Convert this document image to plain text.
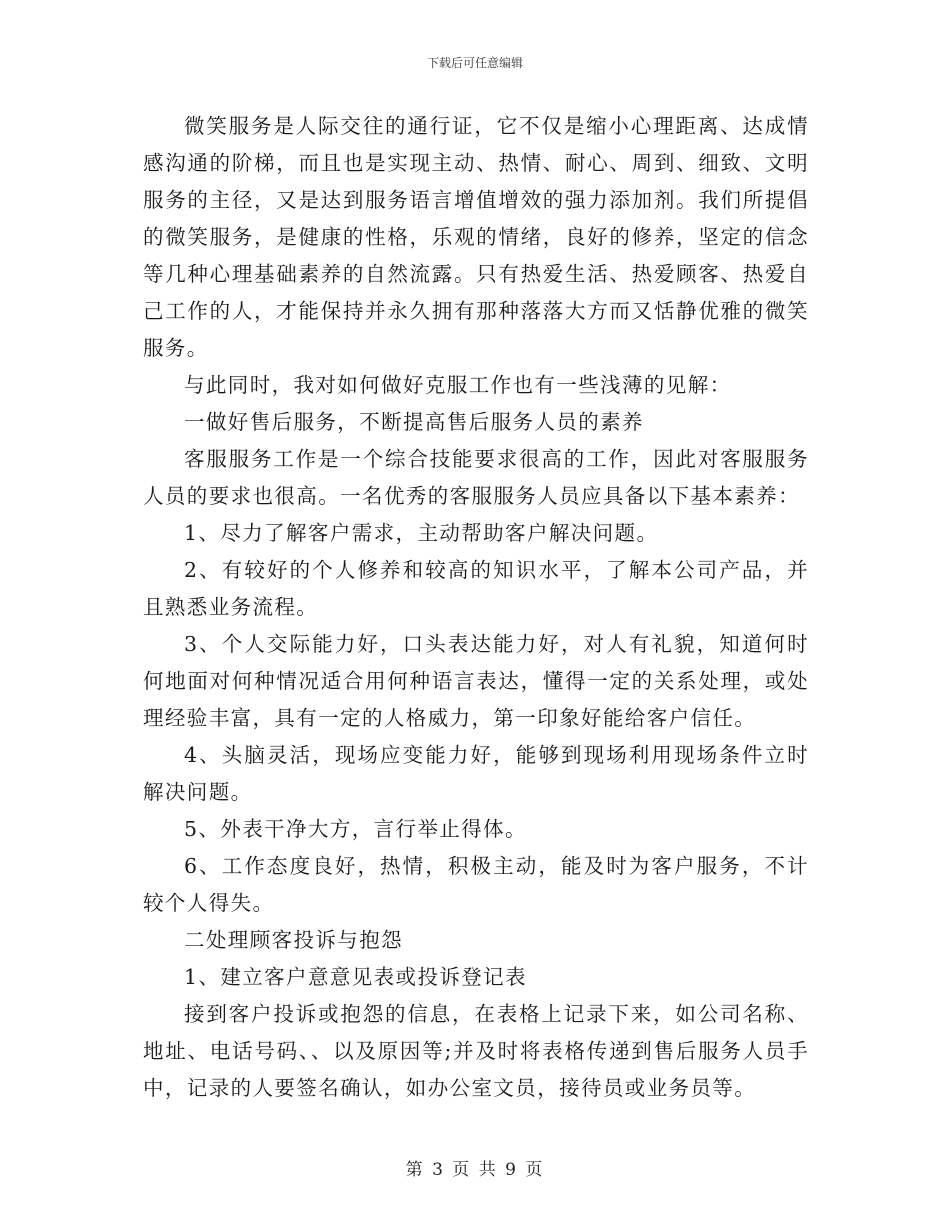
下载后可任意编辑

微笑服务是人际交往的通行证，它不仅是缩小心理距离、达成情感沟通的阶梯，而且也是实现主动、热情、耐心、周到、细致、文明服务的主径，又是达到服务语言增值增效的强力添加剂。我们所提倡的微笑服务，是健康的性格，乐观的情绪，良好的修养，坚定的信念等几种心理基础素养的自然流露。只有热爱生活、热爱顾客、热爱自己工作的人，才能保持并永久拥有那种落落大方而又恬静优雅的微笑服务。

与此同时，我对如何做好克服工作也有一些浅薄的见解：

一做好售后服务，不断提高售后服务人员的素养

客服服务工作是一个综合技能要求很高的工作，因此对客服服务人员的要求也很高。一名优秀的客服服务人员应具备以下基本素养：

1、尽力了解客户需求，主动帮助客户解决问题。

2、有较好的个人修养和较高的知识水平，了解本公司产品，并且熟悉业务流程。

3、个人交际能力好，口头表达能力好，对人有礼貌，知道何时何地面对何种情况适合用何种语言表达，懂得一定的关系处理，或处理经验丰富，具有一定的人格威力，第一印象好能给客户信任。

4、头脑灵活，现场应变能力好，能够到现场利用现场条件立时解决问题。

5、外表干净大方，言行举止得体。

6、工作态度良好，热情，积极主动，能及时为客户服务，不计较个人得失。

二处理顾客投诉与抱怨

1、建立客户意意见表或投诉登记表

接到客户投诉或抱怨的信息，在表格上记录下来，如公司名称、地址、电话号码、、以及原因等;并及时将表格传递到售后服务人员手中，记录的人要签名确认，如办公室文员，接待员或业务员等。

第 3 页 共 9 页
